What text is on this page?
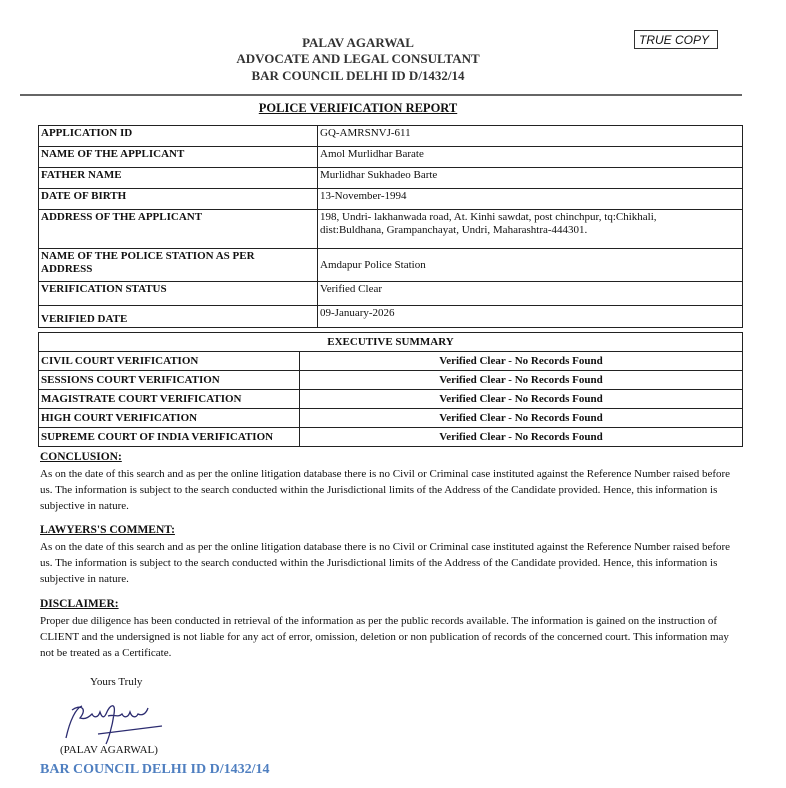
PALAV AGARWAL
ADVOCATE AND LEGAL CONSULTANT
BAR COUNCIL DELHI ID D/1432/14
TRUE COPY
POLICE VERIFICATION REPORT
APPLICATION ID	GQ-AMRSNVJ-611
NAME OF THE APPLICANT	Amol Murlidhar Barate
FATHER NAME	Murlidhar Sukhadeo Barte
DATE OF BIRTH	13-November-1994
ADDRESS OF THE APPLICANT	198, Undri- lakhanwada road, At. Kinhi sawdat, post chinchpur, tq:Chikhali, dist:Buldhana, Grampanchayat, Undri, Maharashtra-444301.
NAME OF THE POLICE STATION AS PER ADDRESS	Amdapur Police Station
VERIFICATION STATUS	Verified Clear
VERIFIED DATE	09-January-2026
EXECUTIVE SUMMARY	
CIVIL COURT VERIFICATION	Verified Clear - No Records Found
SESSIONS COURT VERIFICATION	Verified Clear - No Records Found
MAGISTRATE COURT VERIFICATION	Verified Clear - No Records Found
HIGH COURT VERIFICATION	Verified Clear - No Records Found
SUPREME COURT OF INDIA VERIFICATION	Verified Clear - No Records Found
CONCLUSION:

As on the date of this search and as per the online litigation database there is no Civil or Criminal case instituted against the Reference Number raised before us. The information is subject to the search conducted within the Jurisdictional limits of the Address of the Candidate provided. Hence, this information is subjective in nature.

LAWYERS'S COMMENT:

As on the date of this search and as per the online litigation database there is no Civil or Criminal case instituted against the Reference Number raised before us. The information is subject to the search conducted within the Jurisdictional limits of the Address of the Candidate provided. Hence, this information is subjective in nature.

DISCLAIMER:

Proper due diligence has been conducted in retrieval of the information as per the public records available. The information is gained on the instruction of CLIENT and the undersigned is not liable for any act of error, omission, deletion or non publication of records of the concerned court. This information may not be treated as a Certificate.

Yours Truly
(PALAV AGARWAL)
BAR COUNCIL DELHI ID D/1432/14
